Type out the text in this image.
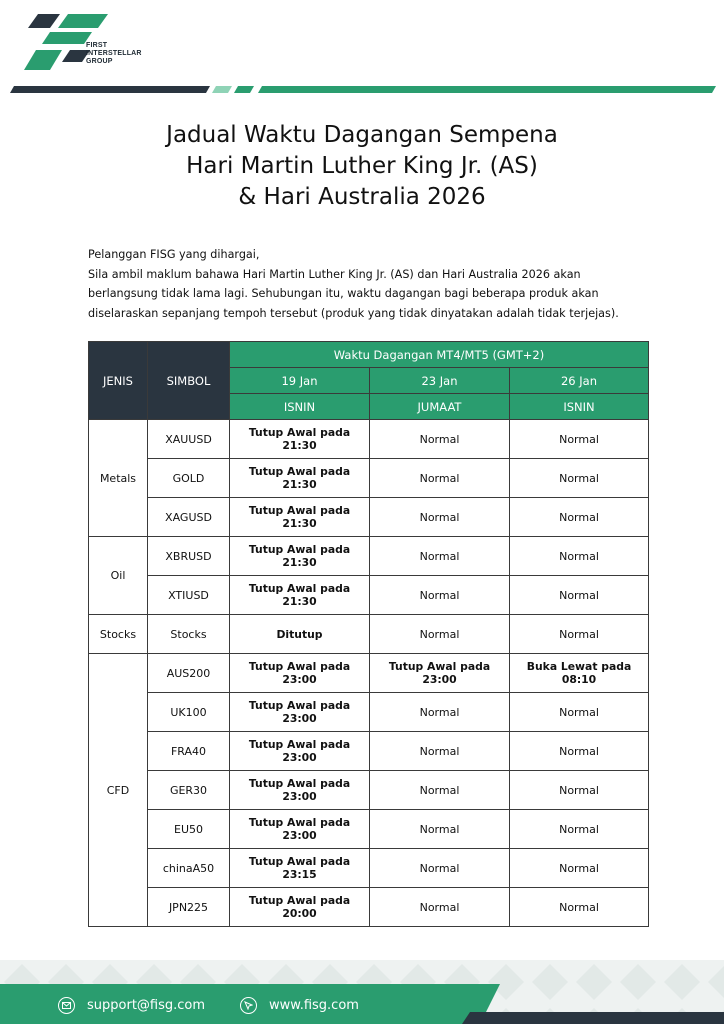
FIRST
INTERSTELLAR
GROUP
Jadual Waktu Dagangan Sempena
Hari Martin Luther King Jr. (AS)
& Hari Australia 2026

Pelanggan FISG yang dihargai,

Sila ambil maklum bahawa Hari Martin Luther King Jr. (AS) dan Hari Australia 2026 akan berlangsung tidak lama lagi. Sehubungan itu, waktu dagangan bagi beberapa produk akan diselaraskan sepanjang tempoh tersebut (produk yang tidak dinyatakan adalah tidak terjejas).

JENIS	SIMBOL	Waktu Dagangan MT4/MT5 (GMT+2)		
		19 Jan	23 Jan	26 Jan
		ISNIN	JUMAAT	ISNIN
Metals	XAUUSD	Tutup Awal pada 21:30	Normal	Normal
	GOLD	Tutup Awal pada 21:30	Normal	Normal
	XAGUSD	Tutup Awal pada 21:30	Normal	Normal
Oil	XBRUSD	Tutup Awal pada 21:30	Normal	Normal
	XTIUSD	Tutup Awal pada 21:30	Normal	Normal
Stocks	Stocks	Ditutup	Normal	Normal
CFD	AUS200	Tutup Awal pada 23:00	Tutup Awal pada 23:00	Buka Lewat pada 08:10
	UK100	Tutup Awal pada 23:00	Normal	Normal
	FRA40	Tutup Awal pada 23:00	Normal	Normal
	GER30	Tutup Awal pada 23:00	Normal	Normal
	EU50	Tutup Awal pada 23:00	Normal	Normal
	chinaA50	Tutup Awal pada 23:15	Normal	Normal
	JPN225	Tutup Awal pada 20:00	Normal	Normal
support@fisg.com	www.fisg.com
